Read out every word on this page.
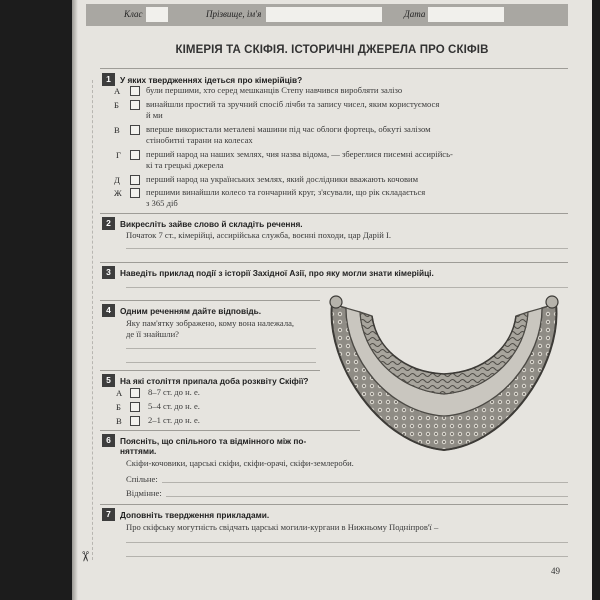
✂
Клас	Прізвище, ім'я	Дата
КІМЕРІЯ ТА СКІФІЯ. ІСТОРИЧНІ ДЖЕРЕЛА ПРО СКІФІВ
1	У яких твердженнях ідеться про кімерійців?
А	були першими, хто серед мешканців Степу навчився виробляти залізо
Б	винайшли простий та зручний спосіб лічби та запису чисел, яким користуємося
й ми
В	вперше використали металеві машини під час облоги фортець, обкуті залізом
стінобитні тарани на колесах
Г	перший народ на наших землях, чия назва відома, — збереглися писемні ассирійсь-
кі та грецькі джерела
Д	перший народ на українських землях, який дослідники вважають кочовим
Ж	першими винайшли колесо та гончарний круг, з'ясували, що рік складається
з 365 діб
2	Викресліть зайве слово й складіть речення.
Початок 7 ст., кімерійці, ассирійська служба, воєнні походи, цар Дарій І.
3	Наведіть приклад події з історії Західної Азії, про яку могли знати кімерійці.
4	Одним реченням дайте відповідь.
Яку пам'ятку зображено, кому вона належала,
де її знайшли?
5	На які століття припала доба розквіту Скіфії?
А	8–7 ст. до н. е.
Б	5–4 ст. до н. е.
В	2–1 ст. до н. е.
6	Поясніть, що спільного та відмінного між по-
няттями.
Скіфи-кочовики, царські скіфи, скіфи-орачі, скіфи-землероби.
Спільне:
Відмінне:
7	Доповніть твердження прикладами.
Про скіфську могутність свідчать царські могили-кургани в Нижньому Подніпров'ї –
49
